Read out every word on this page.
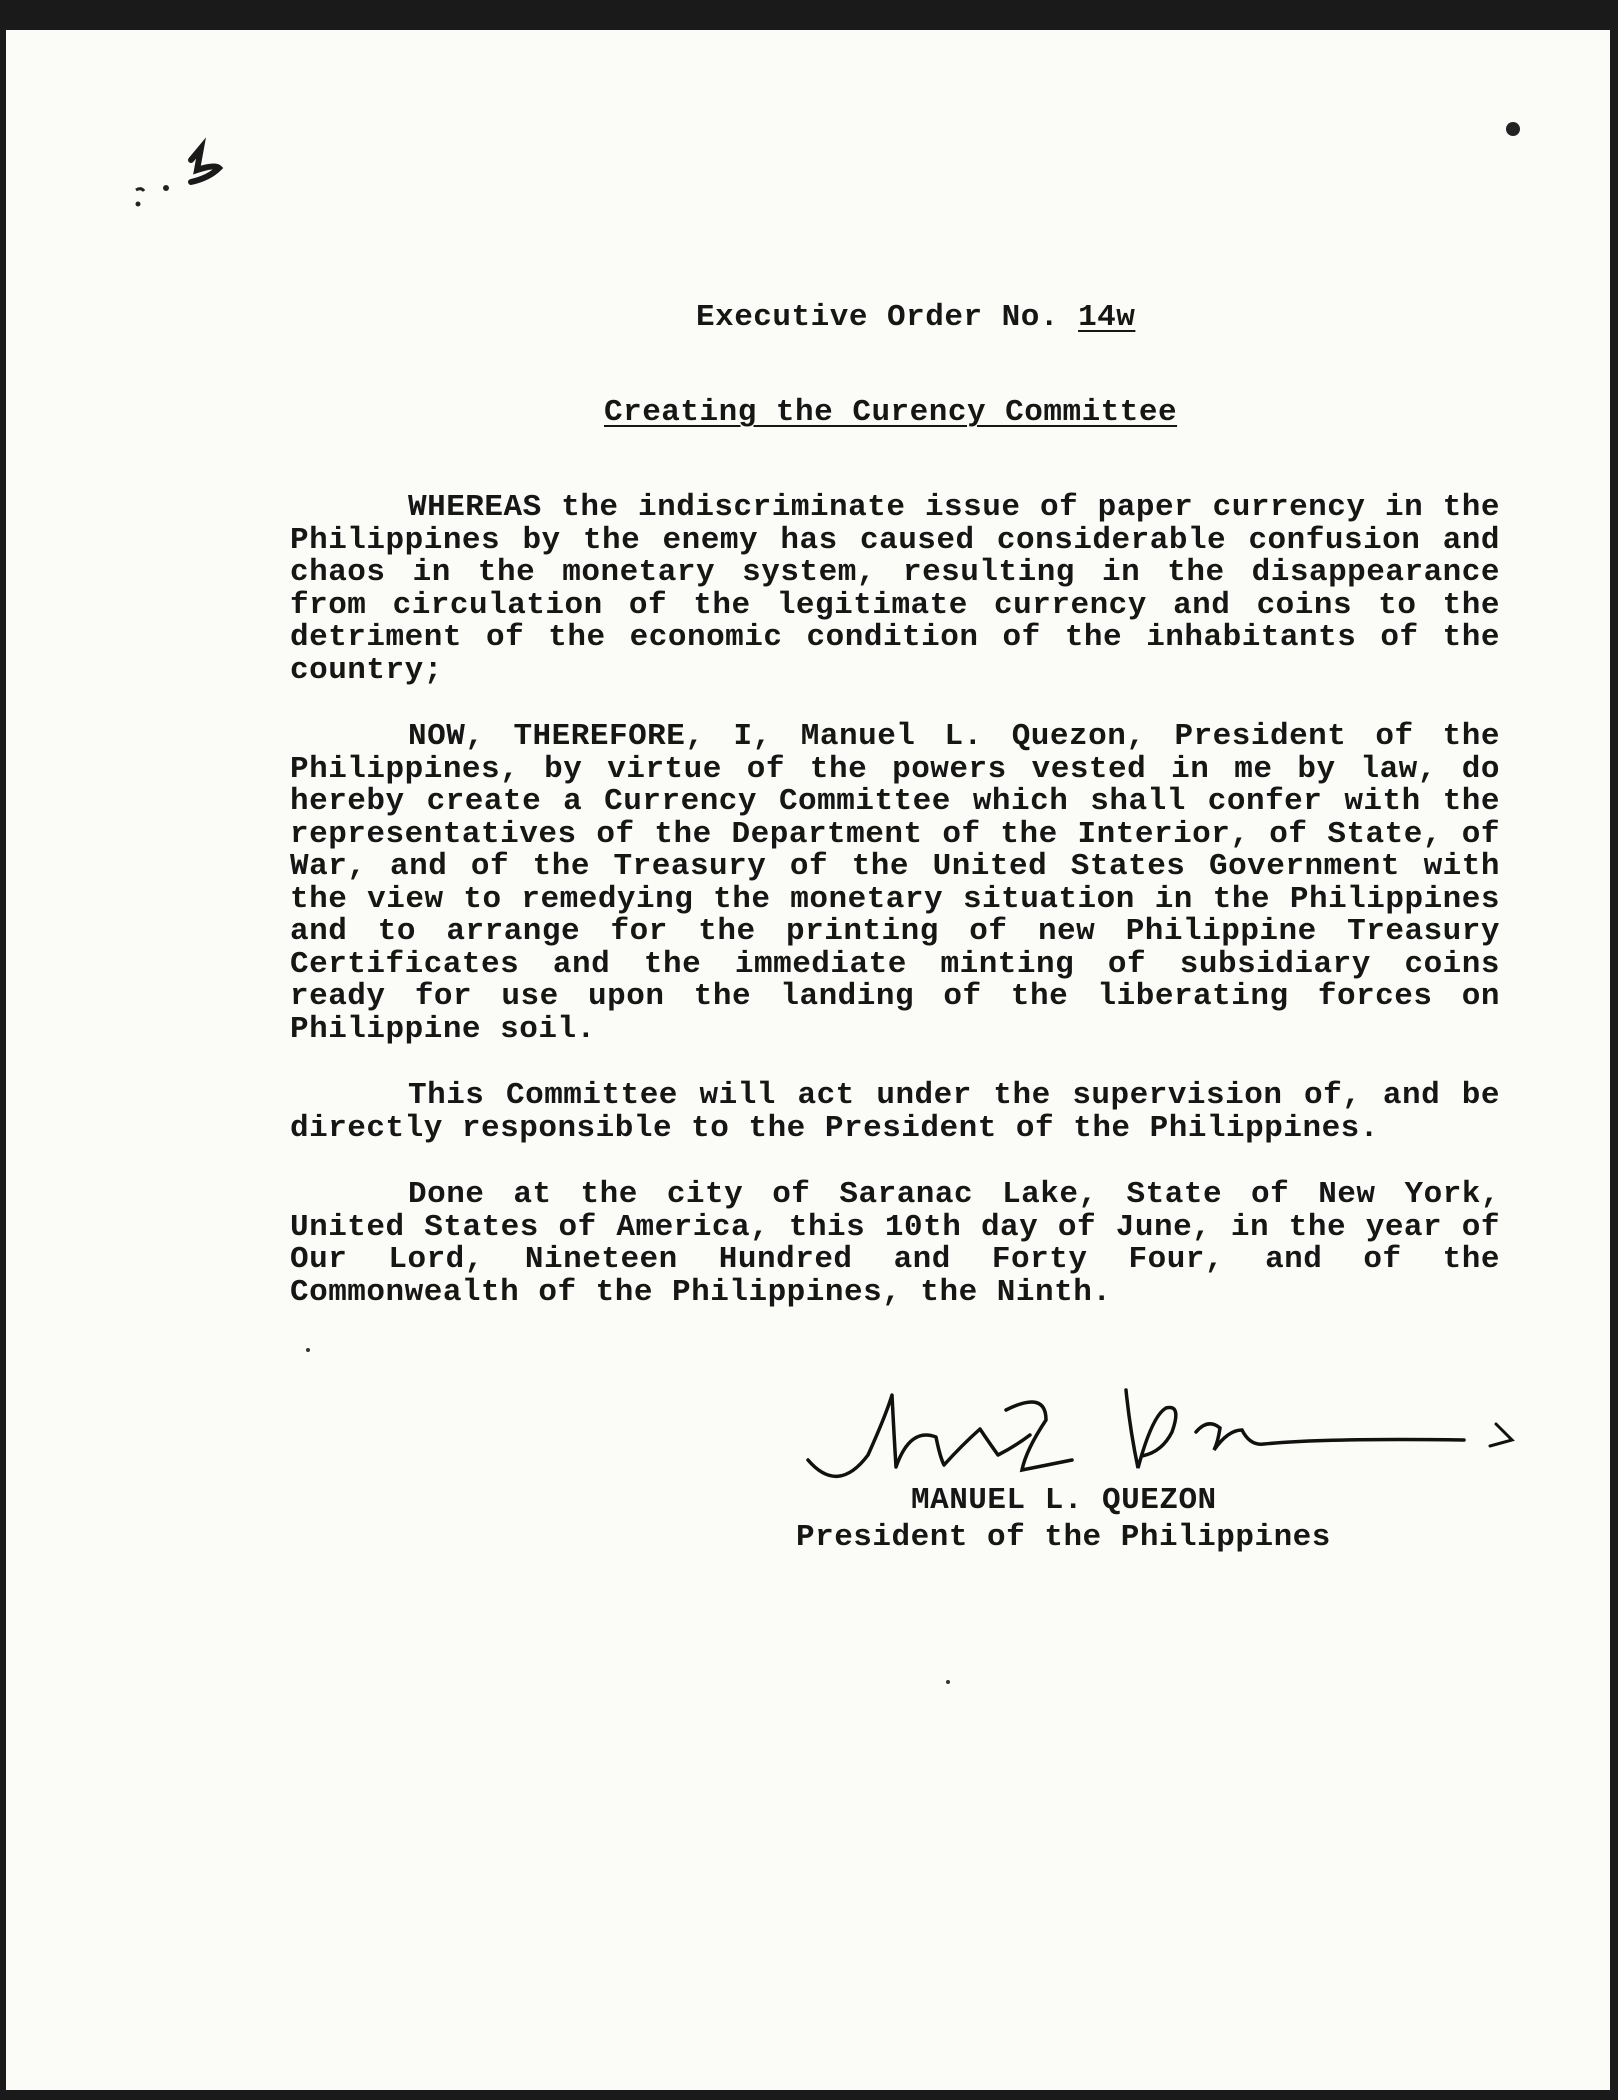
Executive Order No. 14w
Creating the Curency Committee

WHEREAS the indiscriminate issue of paper currency in the Philippines by the enemy has caused considerable confusion and chaos in the monetary system, resulting in the disappearance from circulation of the legitimate currency and coins to the detriment of the economic condition of the inhabitants of the country;

NOW, THEREFORE, I, Manuel L. Quezon, President of the Philippines, by virtue of the powers vested in me by law, do hereby create a Currency Committee which shall confer with the representatives of the Department of the Interior, of State, of War, and of the Treasury of the United States Government with the view to remedying the monetary situation in the Philippines and to arrange for the printing of new Philippine Treasury Certificates and the immediate minting of subsidiary coins ready for use upon the landing of the liberating forces on Philippine soil.

This Committee will act under the supervision of, and be directly responsible to the President of the Philippines.

Done at the city of Saranac Lake, State of New York, United States of America, this 10th day of June, in the year of Our Lord, Nineteen Hundred and Forty Four, and of the Commonwealth of the Philippines, the Ninth.

MANUEL L. QUEZON
President of the Philippines
